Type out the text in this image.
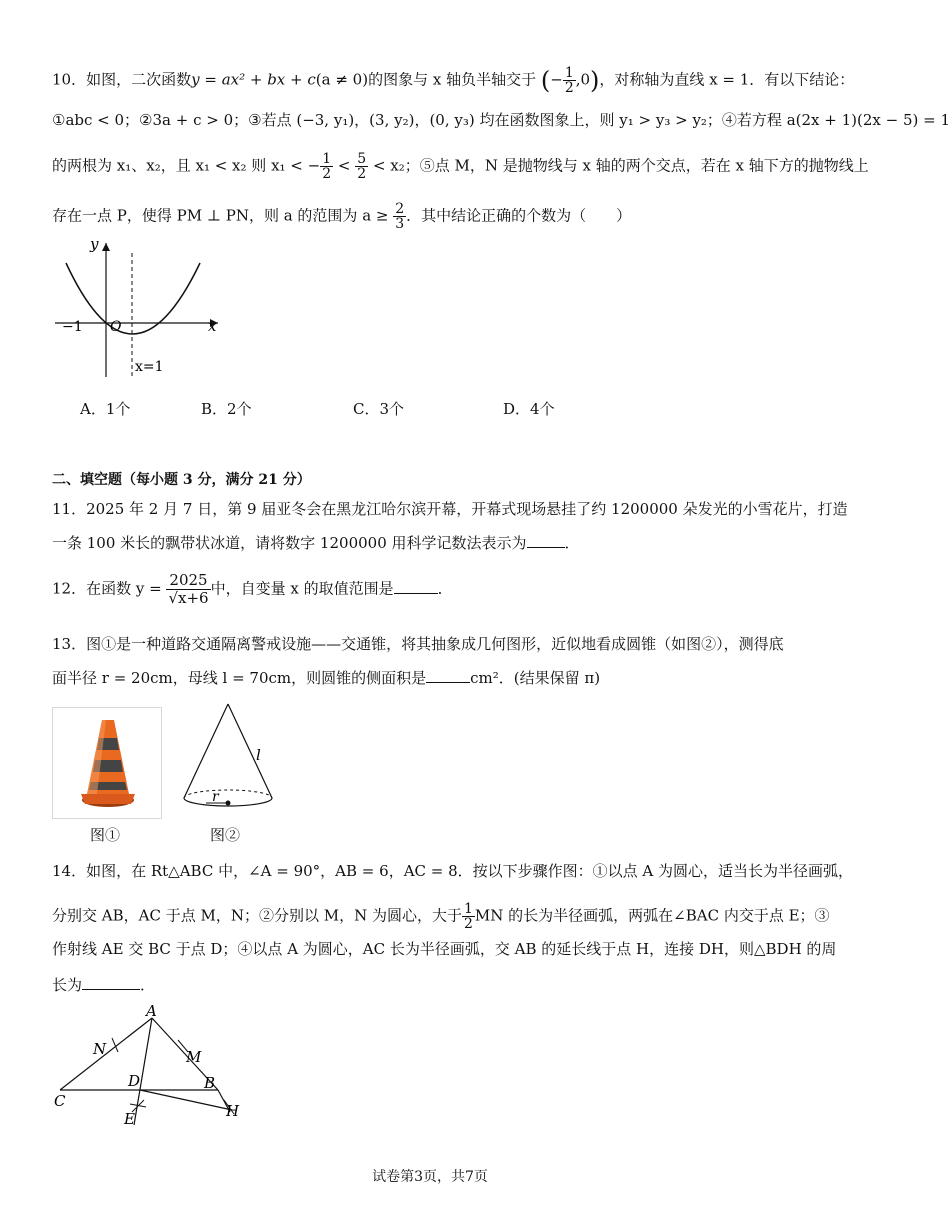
10．如图，二次函数y = ax² + bx + c(a ≠ 0)的图象与 x 轴负半轴交于 (− $\frac{1}{2} ,0$)，对称轴为直线 x = 1．有以下结论：
①abc < 0；②3a + c > 0；③若点 (−3, y₁)，(3, y₂)，(0, y₃) 均在函数图象上，则 y₁ > y₃ > y₂；④若方程 a(2x + 1)(2x − 5) = 1
的两根为 x₁、x₂，且 x₁ < x₂ 则 x₁ < − $\frac{1}{2} < \frac{5}{2} < x_2$；⑤点 M，N 是抛物线与 x 轴的两个交点，若在 x 轴下方的抛物线上
存在一点 P，使得 PM ⊥ PN，则 a 的范围为 $a \ge \frac{2}{3}$ ．其中结论正确的个数为（　　）
y
x
−1 O
x=1
A．1个	B．2个	C．3个	D．4个
二、填空题（每小题 3 分，满分 21 分）
11．2025 年 2 月 7 日，第 9 届亚冬会在黑龙江哈尔滨开幕，开幕式现场悬挂了约 1200000 朵发光的小雪花片，打造
一条 100 米长的飘带状冰道，请将数字 1200000 用科学记数法表示为	．
12．在函数 $y = \frac{2025}{√x+6}$ 中，自变量 x 的取值范围是	．
13．图①是一种道路交通隔离警戒设施——交通锥，将其抽象成几何图形，近似地看成圆锥（如图②），测得底
面半径 r = 20cm，母线 l = 70cm，则圆锥的侧面积是	cm²．(结果保留 π)
l
r
图①	图②
14．如图，在 Rt△ABC 中，∠A = 90°，AB = 6，AC = 8．按以下步骤作图：①以点 A 为圆心，适当长为半径画弧，
分别交 AB，AC 于点 M，N；②分别以 M，N 为圆心，大于 $\frac{1}{2}$ MN 的长为半径画弧，两弧在∠BAC 内交于点 E；③
作射线 AE 交 BC 于点 D；④以点 A 为圆心，AC 长为半径画弧，交 AB 的延长线于点 H，连接 DH，则△BDH 的周
长为	．
A
N	M
D	B
C
E	H
试卷第3页，共7页
